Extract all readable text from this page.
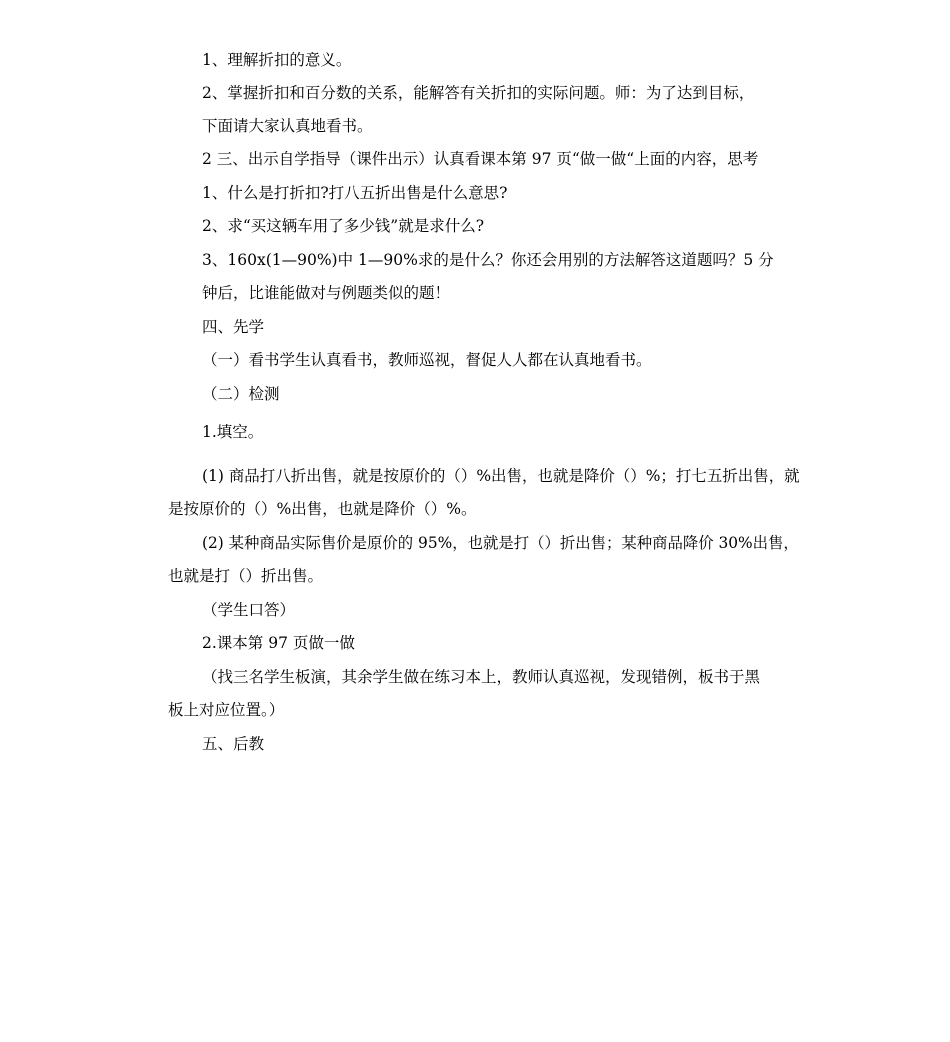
1、理解折扣的意义。
2、掌握折扣和百分数的关系，能解答有关折扣的实际问题。师：为了达到目标，
下面请大家认真地看书。
2 三、出示自学指导（课件出示）认真看课本第 97 页“做一做“上面的内容，思考
1、什么是打折扣?打八五折出售是什么意思?
2、求“买这辆车用了多少钱”就是求什么?
3、160x(1—90%)中 1—90%求的是什么？你还会用别的方法解答这道题吗？5 分
钟后，比谁能做对与例题类似的题！
四、先学
（一）看书学生认真看书，教师巡视，督促人人都在认真地看书。
（二）检测
1.填空。
(1) 商品打八折出售，就是按原价的（）%出售，也就是降价（）%；打七五折出售，就
是按原价的（）%出售，也就是降价（）%。
(2) 某种商品实际售价是原价的 95%，也就是打（）折出售；某种商品降价 30%出售，
也就是打（）折出售。
（学生口答）
2.课本第 97 页做一做
（找三名学生板演，其余学生做在练习本上，教师认真巡视，发现错例，板书于黑
板上对应位置。）
五、后教
